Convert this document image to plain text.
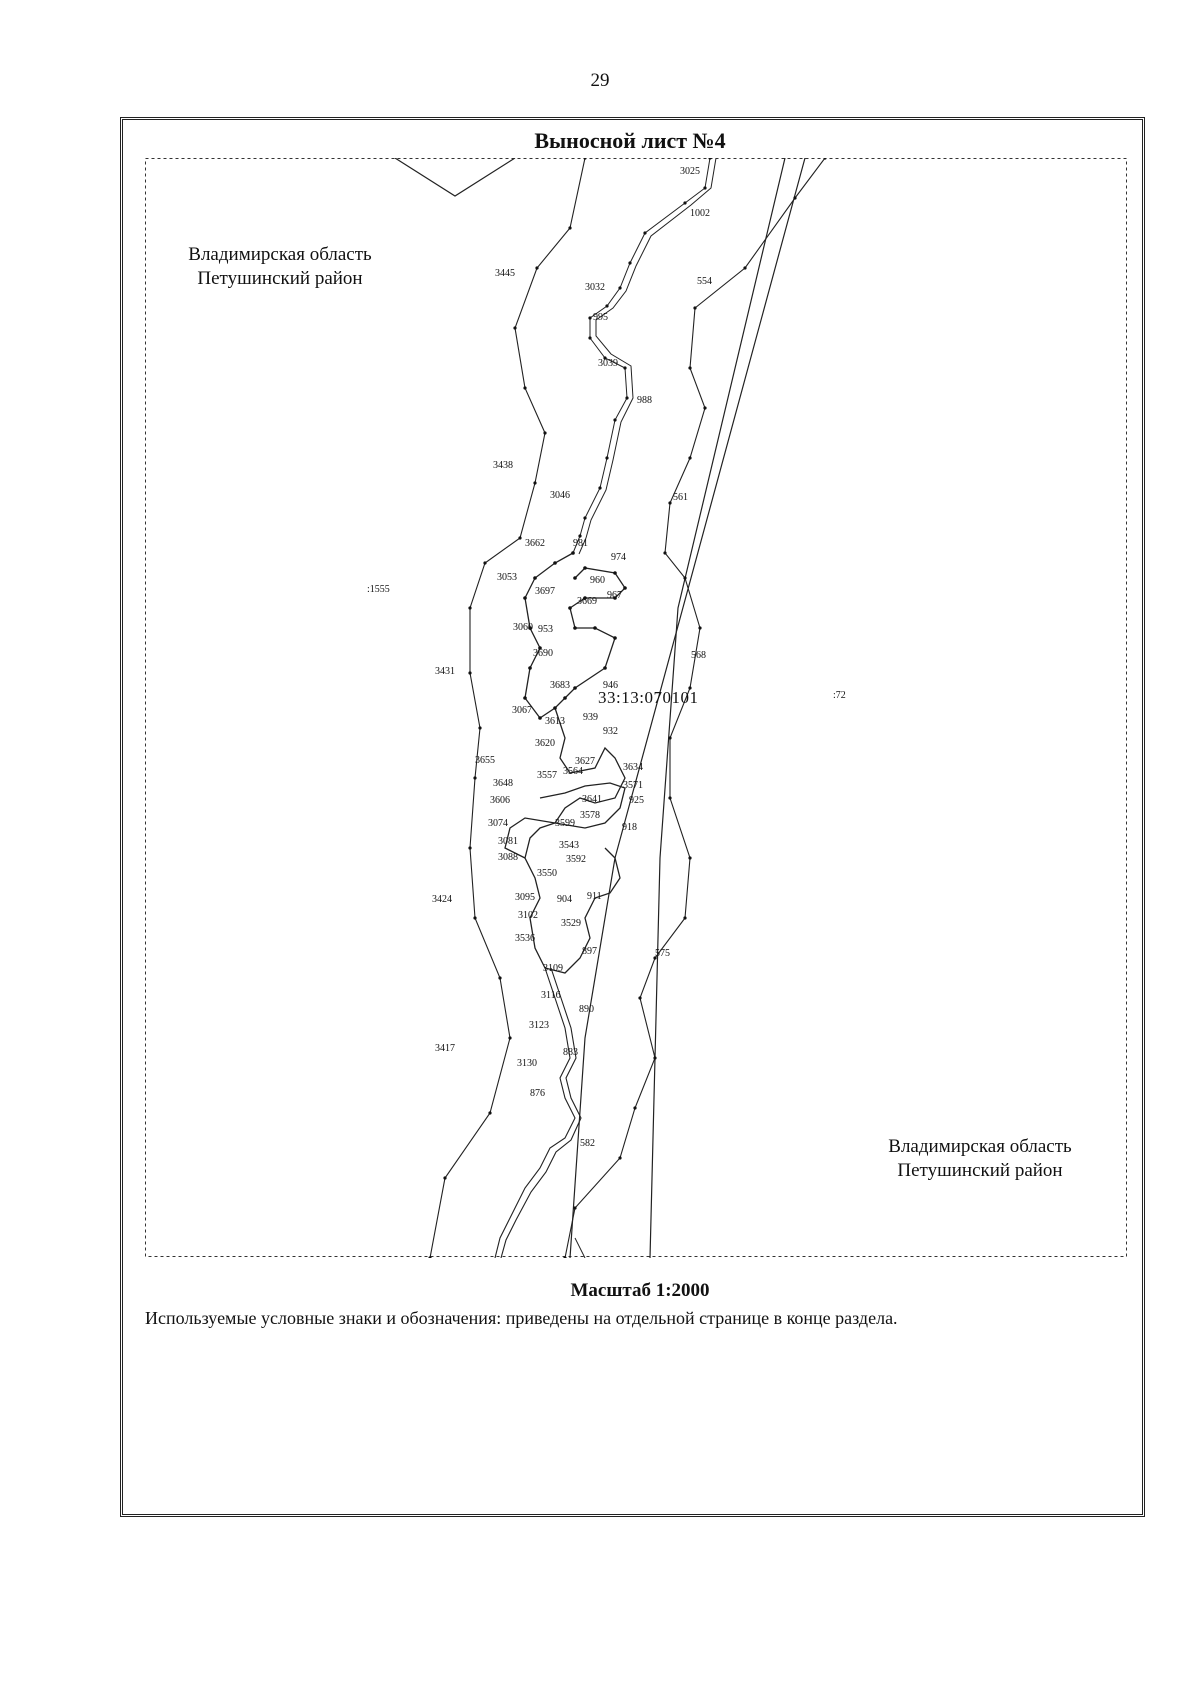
29
Выносной лист №4
3025
1002
3445
3032
995
554
3039
988
3438
3046	561
3662	981
974
3053	960
3697
3669
967
3060 953
3690	568
3431
3683	946
3067
3613 939
932
3620
3655	3627
3634
3648
3557 3564
3571
3606	3641	925
3074	3599
3578
918
3081	3543
3088	3592
3550
3424	3095 904 911
3102
3529
3536
897	575
3109
3116
890
3123
3417	883
3130
876
582
:1555
:72
33:13:070101
Владимирская область
Петушинский район
Владимирская область
Петушинский район
Масштаб 1:2000
Используемые условные знаки и обозначения: приведены на отдельной странице в конце раздела.
